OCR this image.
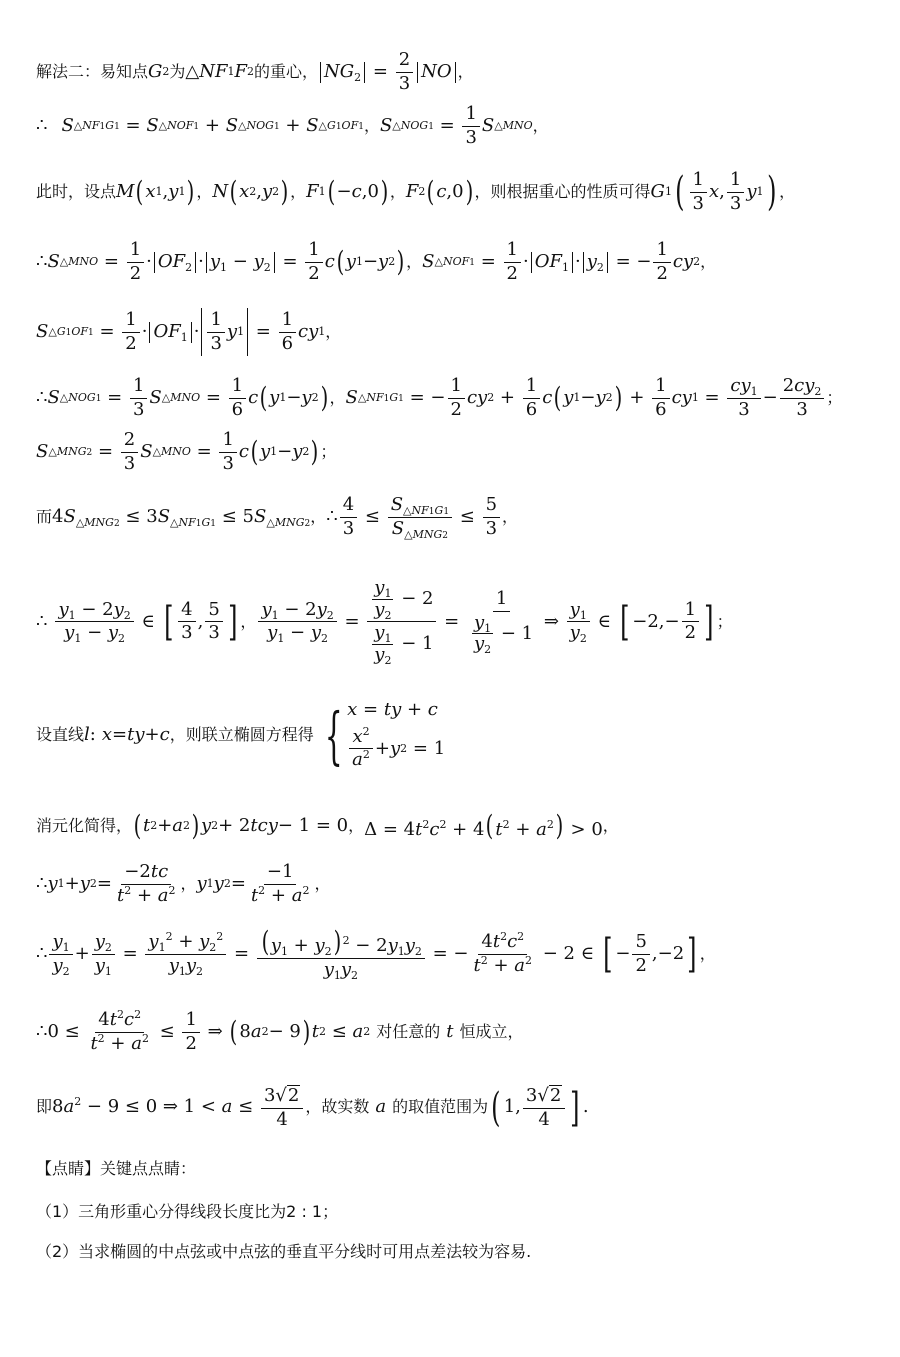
解法二：易知点 G 2 为 △ NF 1 F 2 的重心， $NG_2 = \frac{2}{3}$ NO ，
∴ S △NF1G1 = S △NOF1 + S △NOG1 + S △G1OF1 ， S △NOG1 = $\frac{1}{3}$ S △MNO ，
此时，设点 M ( x 1 , y 1 ) ， N ( x 2 , y 2 ) ， F 1 ( − c ,0 ) ， F 2 ( c ,0 ) ，则根据重心的性质可得 G 1 ( $\frac{1}{3}$ x , $\frac{1}{3}$ y 1 ) ，
∴ S △MNO = $\frac{1}{2} \cdot OF_2 \cdot y_1 - y_2 = \frac{1}{2}$ c ( y 1 − y 2 ) ， S △NOF1 = $\frac{1}{2} \cdot OF_1 \cdot y_2$ = − $\frac{1}{2}$ cy 2 ，
S △G1OF1 = $\frac{1}{2} \cdot OF_1 \cdot \frac{1}{3}$ y $1 = \frac{1}{6}$ cy 1 ，
∴ S △NOG1 = $\frac{1}{3}$ S △MNO = $\frac{1}{6}$ c ( y 1 − y 2 ) ， S △NF1G1 = − $\frac{1}{2}$ cy $2 + \frac{1}{6}$ c ( y 1 − y 2 ) + $\frac{1}{6}$ cy $1 = \frac{cy_1}{3} - \frac{2cy_2}{3}$ ；
S △MNG2 = $\frac{2}{3}$ S △MNO = $\frac{1}{3}$ c ( y 1 − y 2 ) ；
而 $4S_{\triangle MNG2} \le 3S_{\triangle NF1G1} \le 5S_{\triangle MNG2}$ ， ∴ $\frac{4}{3} \le \frac{S_{\triangle NF1G1}}{S_{\triangle MNG2}} \le \frac{5}{3}$ ，
∴ $\frac{y_1 - 2y_2}{y_1 - y_2}$ ∈ [ $\frac{4}{3}$ , $\frac{5}{3}$ ] ， $\frac{y_1 - 2y_2}{y_1 - y_2} = \frac{\frac{y_1}{y_2} - 2}{\frac{y_1}{y_2} - 1} = \frac{1}{\frac{y_1}{y_2} - 1}$ ⇒ $\frac{y_1}{y_2}$ ∈ [ $-2,- \frac{1}{2}$ ] ；
设直线 l : x = ty + c ，则联立椭圆方程得 { x = ty + c
$\frac{x^2}{a^2} + y$ 2 = 1
消元化简得， ( t 2 + a 2 ) y 2 + 2 tcy − 1 = 0 ， $\Delta = 4t^2c^2 + 4(t^2 + a^2) > 0$ ，
∴ y 1 + y $2 = \frac{-2tc}{t^2 + a^2}$ ， y 1 y $2 = \frac{-1}{t^2 + a^2}$ ，
∴ $\frac{y_1}{y_2} + \frac{y_2}{y_1} = \frac{y_1^2 + y_2^2}{y_1y_2} = \frac{(y_1 + y_2) ^2 - 2y_1y_2}{y_1y_2}$ = − $\frac{4t^2c^2}{t^2 + a^2} - 2$ ∈ [ − $\frac{5}{2} ,-2$ ] ，
∴ $0 \le \frac{4t^2c^2}{t^2 + a^2} \le \frac{1}{2}$ ⇒ ( 8 a 2 − 9 ) t 2 ≤ a 2 对任意的 t 恒成立，
即 $8a^2 - 9 \le 0$ ⇒ $1 < a \le \frac{3 √ 2}{4}$ ，故实数 a 的取值范围为 ( 1, $\frac{3 √ 2}{4}$ ] .
【点睛】关键点点睛：
（1）三角形重心分得线段长度比为2 : 1；
（2）当求椭圆的中点弦或中点弦的垂直平分线时可用点差法较为容易.
